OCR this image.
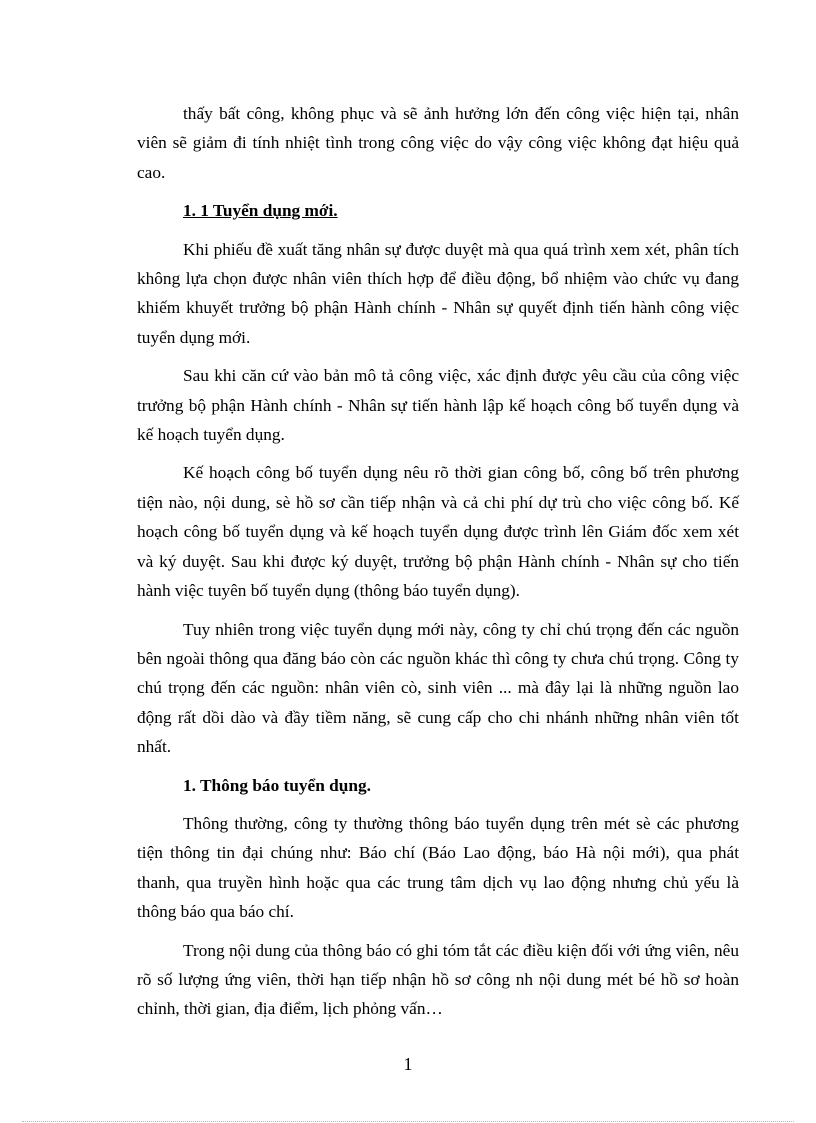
thấy bất công, không phục và sẽ ảnh hưởng lớn đến công việc hiện tại, nhân viên sẽ giảm đi tính nhiệt tình trong công việc do vậy công việc không đạt hiệu quả cao.

1. 1 Tuyển dụng mới.

Khi phiếu đề xuất tăng nhân sự được duyệt mà qua quá trình xem xét, phân tích không lựa chọn được nhân viên thích hợp để điều động, bổ nhiệm vào chức vụ đang khiếm khuyết trưởng bộ phận Hành chính - Nhân sự quyết định tiến hành công việc tuyển dụng mới.

Sau khi căn cứ vào bản mô tả công việc, xác định được yêu cầu của công việc trưởng bộ phận Hành chính - Nhân sự tiến hành lập kế hoạch công bố tuyển dụng và kế hoạch tuyển dụng.

Kế hoạch công bố tuyển dụng nêu rõ thời gian công bố, công bố trên phương tiện nào, nội dung, sè hồ sơ cần tiếp nhận và cả chi phí dự trù cho việc công bố. Kế hoạch công bố tuyển dụng và kế hoạch tuyển dụng được trình lên Giám đốc xem xét và ký duyệt. Sau khi được ký duyệt, trưởng bộ phận Hành chính - Nhân sự cho tiến hành việc tuyên bố tuyển dụng (thông báo tuyển dụng).

Tuy nhiên trong việc tuyển dụng mới này, công ty chỉ chú trọng đến các nguồn bên ngoài thông qua đăng báo còn các nguồn khác thì công ty chưa chú trọng. Công ty chú trọng đến các nguồn: nhân viên cò, sinh viên ... mà đây lại là những nguồn lao động rất dồi dào và đầy tiềm năng, sẽ cung cấp cho chi nhánh những nhân viên tốt nhất.

1. Thông báo tuyển dụng.

Thông thường, công ty thường thông báo tuyển dụng trên mét sè các phương tiện thông tin đại chúng như: Báo chí (Báo Lao động, báo Hà nội mới), qua phát thanh, qua truyền hình hoặc qua các trung tâm dịch vụ lao động nhưng chủ yếu là thông báo qua báo chí.

Trong nội dung của thông báo có ghi tóm tắt các điều kiện đối với ứng viên, nêu rõ số lượng ứng viên, thời hạn tiếp nhận hồ sơ công nh nội dung mét bé hồ sơ hoàn chỉnh, thời gian, địa điểm, lịch phỏng vấn…

1
